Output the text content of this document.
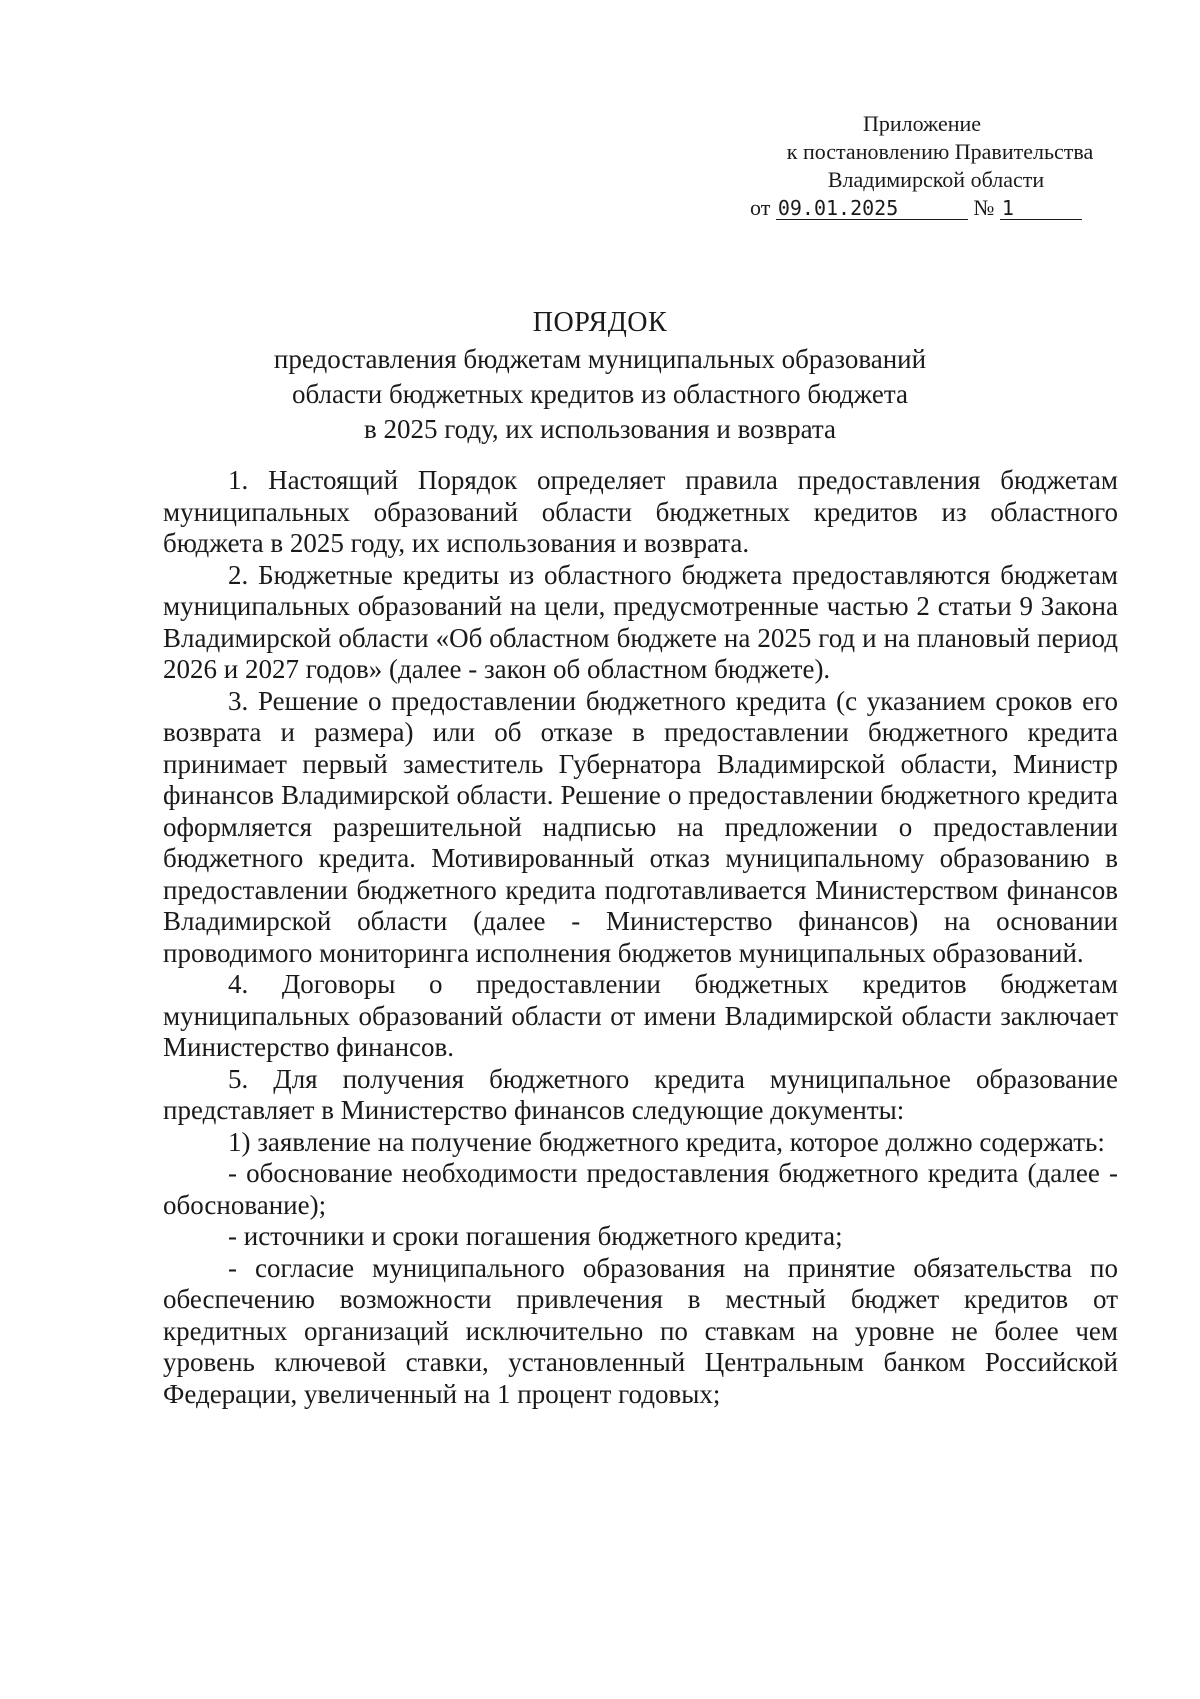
Приложение
к постановлению Правительства
Владимирской области
от 09.01.2025	№ 1
ПОРЯДОК
предоставления бюджетам муниципальных образований
области бюджетных кредитов из областного бюджета
в 2025 году, их использования и возврата

1. Настоящий Порядок определяет правила предоставления бюджетам муниципальных образований области бюджетных кредитов из областного бюджета в 2025 году, их использования и возврата.

2. Бюджетные кредиты из областного бюджета предоставляются бюджетам муниципальных образований на цели, предусмотренные частью 2 статьи 9 Закона Владимирской области «Об областном бюджете на 2025 год и на плановый период 2026 и 2027 годов» (далее - закон об областном бюджете).

3. Решение о предоставлении бюджетного кредита (с указанием сроков его возврата и размера) или об отказе в предоставлении бюджетного кредита принимает первый заместитель Губернатора Владимирской области, Министр финансов Владимирской области. Решение о предоставлении бюджетного кредита оформляется разрешительной надписью на предложении о предоставлении бюджетного кредита. Мотивированный отказ муниципальному образованию в предоставлении бюджетного кредита подготавливается Министерством финансов Владимирской области (далее - Министерство финансов) на основании проводимого мониторинга исполнения бюджетов муниципальных образований.

4. Договоры о предоставлении бюджетных кредитов бюджетам муниципальных образований области от имени Владимирской области заключает Министерство финансов.

5. Для получения бюджетного кредита муниципальное образование представляет в Министерство финансов следующие документы:

1) заявление на получение бюджетного кредита, которое должно содержать:

- обоснование необходимости предоставления бюджетного кредита (далее - обоснование);

- источники и сроки погашения бюджетного кредита;

- согласие муниципального образования на принятие обязательства по обеспечению возможности привлечения в местный бюджет кредитов от кредитных организаций исключительно по ставкам на уровне не более чем уровень ключевой ставки, установленный Центральным банком Российской Федерации, увеличенный на 1 процент годовых;
